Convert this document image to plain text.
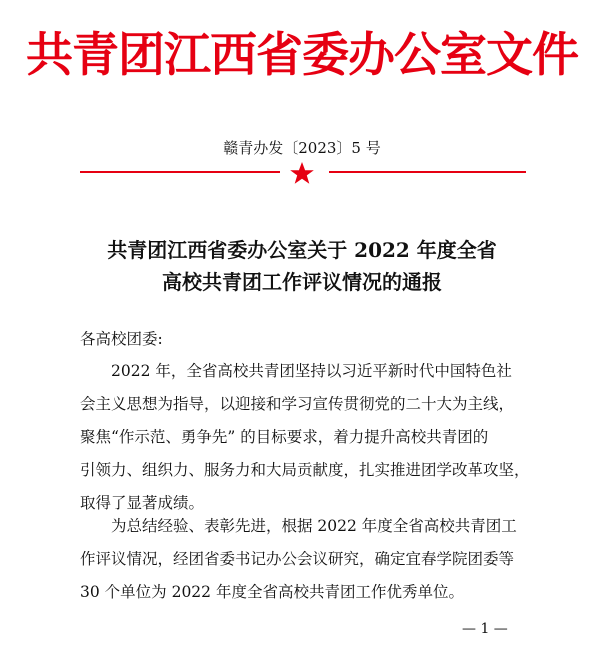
共青团江西省委办公室文件
赣青办发〔2023〕5 号
共青团江西省委办公室关于 2022 年度全省
高校共青团工作评议情况的通报
各高校团委:
　　2022 年，全省高校共青团坚持以习近平新时代中国特色社
会主义思想为指导，以迎接和学习宣传贯彻党的二十大为主线，
聚焦“作示范、勇争先” 的目标要求，着力提升高校共青团的
引领力、组织力、服务力和大局贡献度，扎实推进团学改革攻坚，
取得了显著成绩。
　　为总结经验、表彰先进，根据 2022 年度全省高校共青团工
作评议情况，经团省委书记办公会议研究，确定宜春学院团委等
30 个单位为 2022 年度全省高校共青团工作优秀单位。
— 1 —
